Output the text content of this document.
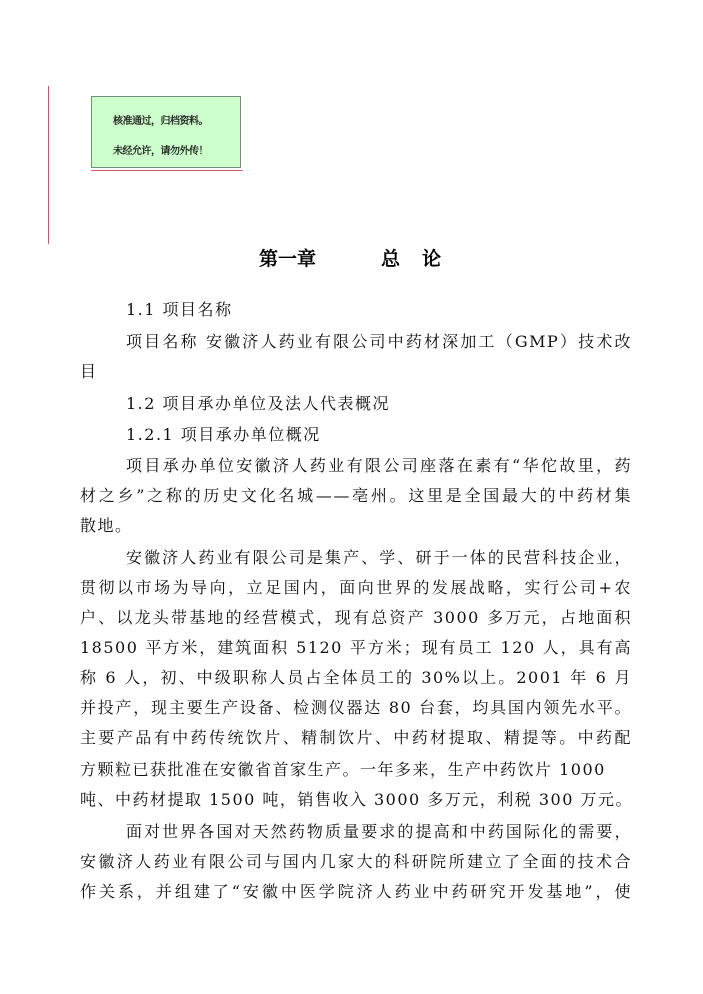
核准通过，归档资料。
未经允许，请勿外传！
第一章	总论
1.1 项目名称
项目名称 安徽济人药业有限公司中药材深加工（GMP）技术改
目
1.2 项目承办单位及法人代表概况
1.2.1 项目承办单位概况
项目承办单位安徽济人药业有限公司座落在素有“华佗故里，药
材之乡”之称的历史文化名城——亳州。这里是全国最大的中药材集
散地。
安徽济人药业有限公司是集产、学、研于一体的民营科技企业，
贯彻以市场为导向，立足国内，面向世界的发展战略，实行公司+农
户、以龙头带基地的经营模式，现有总资产 3000 多万元，占地面积
18500 平方米，建筑面积 5120 平方米；现有员工 120 人，具有高
称 6 人，初、中级职称人员占全体员工的 30%以上。2001 年 6 月
并投产，现主要生产设备、检测仪器达 80 台套，均具国内领先水平。
主要产品有中药传统饮片、精制饮片、中药材提取、精提等。中药配
方颗粒已获批准在安徽省首家生产。一年多来，生产中药饮片 1000
吨、中药材提取 1500 吨，销售收入 3000 多万元，利税 300 万元。
面对世界各国对天然药物质量要求的提高和中药国际化的需要，
安徽济人药业有限公司与国内几家大的科研院所建立了全面的技术合
作关系，并组建了“安徽中医学院济人药业中药研究开发基地”，使
